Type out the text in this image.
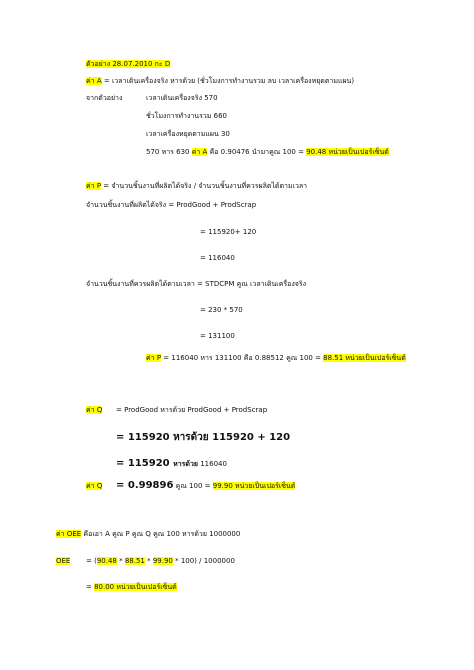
ตัวอย่าง 28.07.2010 กะ D
ค่า A = เวลาเดินเครื่องจริง หารด้วย (ชั่วโมงการทำงานรวม ลบ เวลาเครื่องหยุดตามแผน)
จากตัวอย่าง	เวลาเดินเครื่องจริง 570
ชั่วโมงการทำงานรวม 660
เวลาเครื่องหยุดตามแผน 30
570 หาร 630 ค่า A คือ 0.90476 นำมาคูณ 100 = 90.48 หน่วยเป็นเปอร์เซ็นต์
ค่า P = จำนวนชิ้นงานที่ผลิตได้จริง / จำนวนชิ้นงานที่ควรผลิตได้ตามเวลา
จำนวนชิ้นงานที่ผลิตได้จริง = ProdGood + ProdScrap
= 115920+ 120
= 116040
จำนวนชิ้นงานที่ควรผลิตได้ตามเวลา = STDCPM คูณ เวลาเดินเครื่องจริง
= 230 * 570
= 131100
ค่า P = 116040 หาร 131100 คือ 0.88512 คูณ 100 = 88.51 หน่วยเป็นเปอร์เซ็นต์
ค่า Q = ProdGood หารด้วย ProdGood + ProdScrap
= 115920 หารด้วย 115920 + 120
= 115920 หารด้วย 116040
ค่า Q = 0.99896 คูณ 100 = 99.90 หน่วยเป็นเปอร์เซ็นต์
ค่า OEE คือเอา A คูณ P คูณ Q คูณ 100 หารด้วย 1000000
OEE = (90.48 * 88.51 * 99.90 * 100) / 1000000
= 80.00 หน่วยเป็นเปอร์เซ็นต์
